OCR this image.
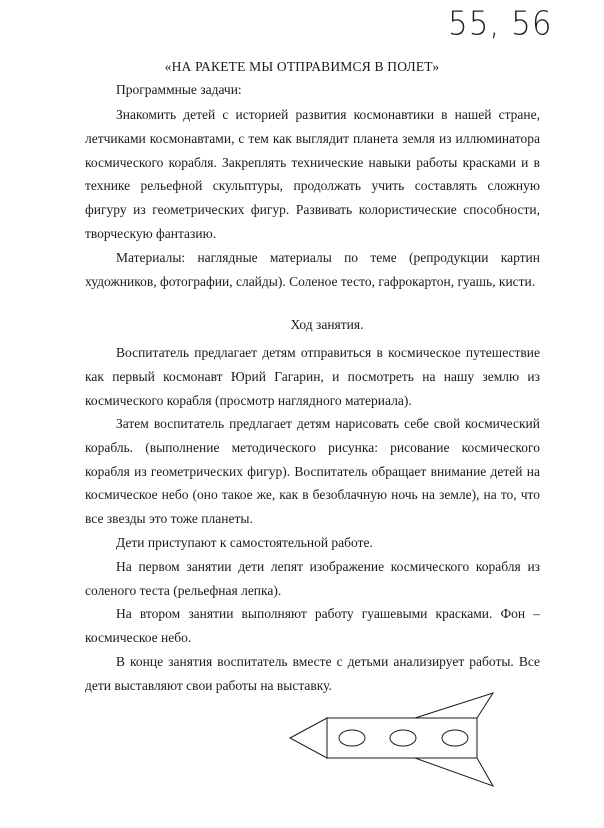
55, 56
«НА РАКЕТЕ МЫ ОТПРАВИМСЯ В ПОЛЕТ»
Программные задачи:

Знакомить детей с историей развития космонавтики в нашей стране, летчиками космонавтами, с тем как выглядит планета земля из иллюминатора космического корабля. Закреплять технические навыки работы красками и в технике рельефной скульптуры, продолжать учить составлять сложную фигуру из геометрических фигур. Развивать колористические способности, творческую фантазию.

Материалы: наглядные материалы по теме (репродукции картин художников, фотографии, слайды). Соленое тесто, гафрокартон, гуашь, кисти.

Ход занятия.

Воспитатель предлагает детям отправиться в космическое путешествие как первый космонавт Юрий Гагарин, и посмотреть на нашу землю из космического корабля (просмотр наглядного материала).

Затем воспитатель предлагает детям нарисовать себе свой космический корабль. (выполнение методического рисунка: рисование космического корабля из геометрических фигур). Воспитатель обращает внимание детей на космическое небо (оно такое же, как в безоблачную ночь на земле), на то, что все звезды это тоже планеты.

Дети приступают к самостоятельной работе.

На первом занятии дети лепят изображение космического корабля из соленого теста (рельефная лепка).

На втором занятии выполняют работу гуашевыми красками. Фон – космическое небо.

В конце занятия воспитатель вместе с детьми анализирует работы. Все дети выставляют свои работы на выставку.
